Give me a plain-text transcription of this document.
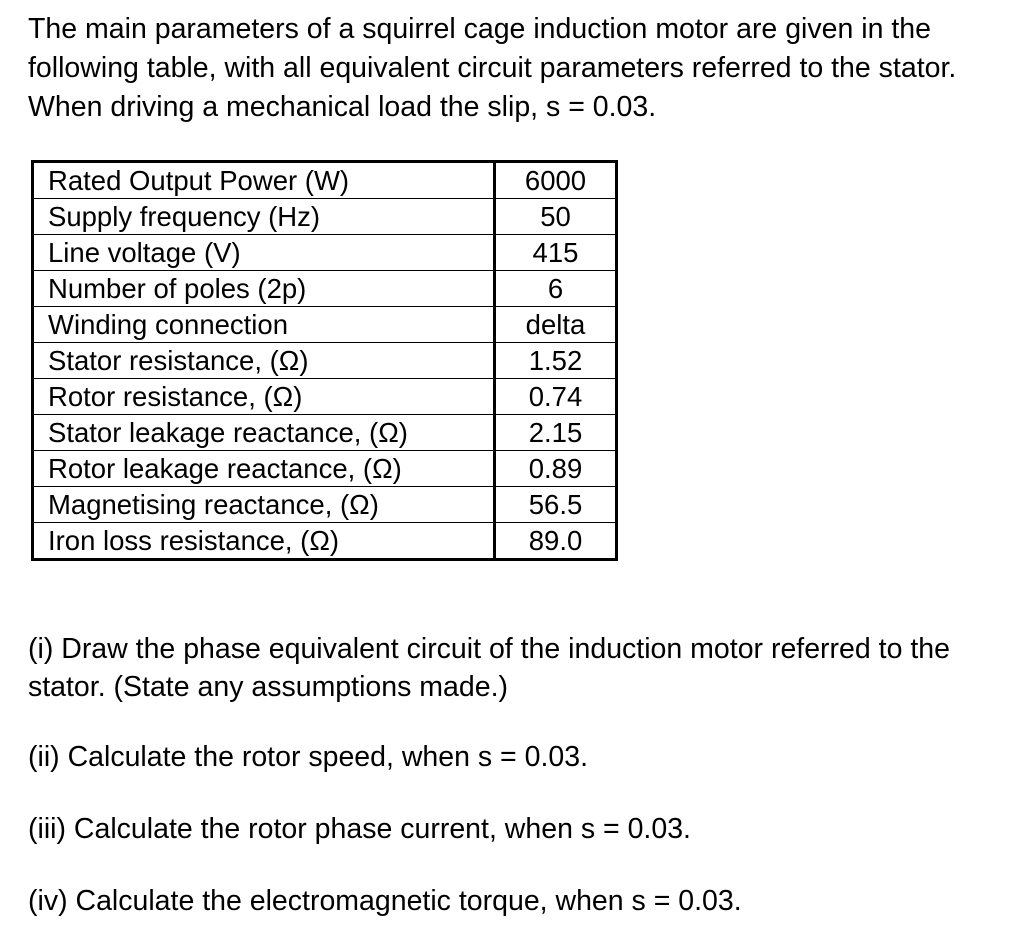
The main parameters of a squirrel cage induction motor are given in the following table, with all equivalent circuit parameters referred to the stator. When driving a mechanical load the slip, s = 0.03.

Rated Output Power (W)	6000
Supply frequency (Hz)	50
Line voltage (V)	415
Number of poles (2p)	6
Winding connection	delta
Stator resistance, (Ω)	1.52
Rotor resistance, (Ω)	0.74
Stator leakage reactance, (Ω)	2.15
Rotor leakage reactance, (Ω)	0.89
Magnetising reactance, (Ω)	56.5
Iron loss resistance, (Ω)	89.0

(i) Draw the phase equivalent circuit of the induction motor referred to the stator. (State any assumptions made.)

(ii) Calculate the rotor speed, when s = 0.03.

(iii) Calculate the rotor phase current, when s = 0.03.

(iv) Calculate the electromagnetic torque, when s = 0.03.
